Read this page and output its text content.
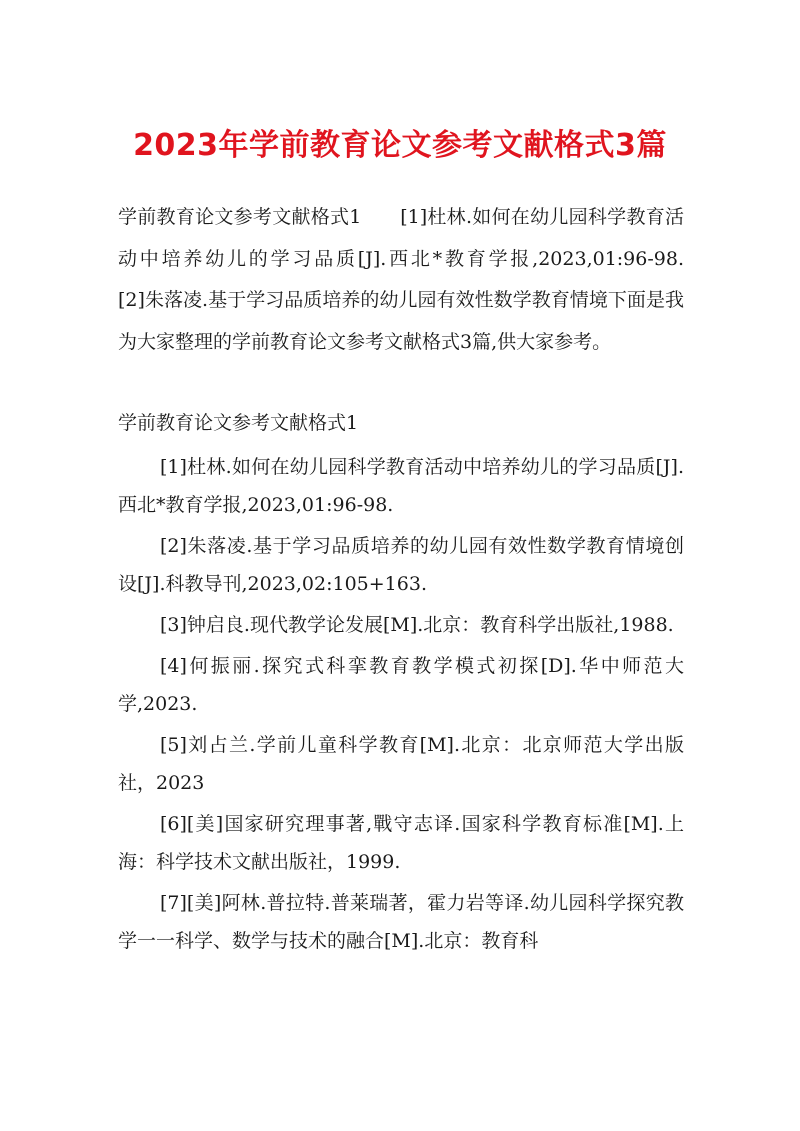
2023年学前教育论文参考文献格式3篇

学前教育论文参考文献格式1　　[1]杜林.如何在幼儿园科学教育活动中培养幼儿的学习品质[J].西北*教育学报,2023,01:96-98.　　[2]朱落凌.基于学习品质培养的幼儿园有效性数学教育情境下面是我为大家整理的学前教育论文参考文献格式3篇,供大家参考。

学前教育论文参考文献格式1
[1]杜林.如何在幼儿园科学教育活动中培养幼儿的学习品质[J].西北*教育学报,2023,01:96-98.
[2]朱落凌.基于学习品质培养的幼儿园有效性数学教育情境创设[J].科教导刊,2023,02:105+163.
[3]钟启良.现代教学论发展[M].北京：教育科学出版社,1988.
[4]何振丽.探究式科挛教育教学模式初探[D].华中师范大学,2023.
[5]刘占兰.学前儿童科学教育[M].北京：北京师范大学出版社，2023
[6][美]国家研究理事著,戰守志译.国家科学教育标准[M].上海：科学技术文献出版社，1999.
[7][美]阿林.普拉特.普莱瑞著，霍力岩等译.幼儿园科学探究教学一一科学、数学与技术的融合[M].北京：教育科
